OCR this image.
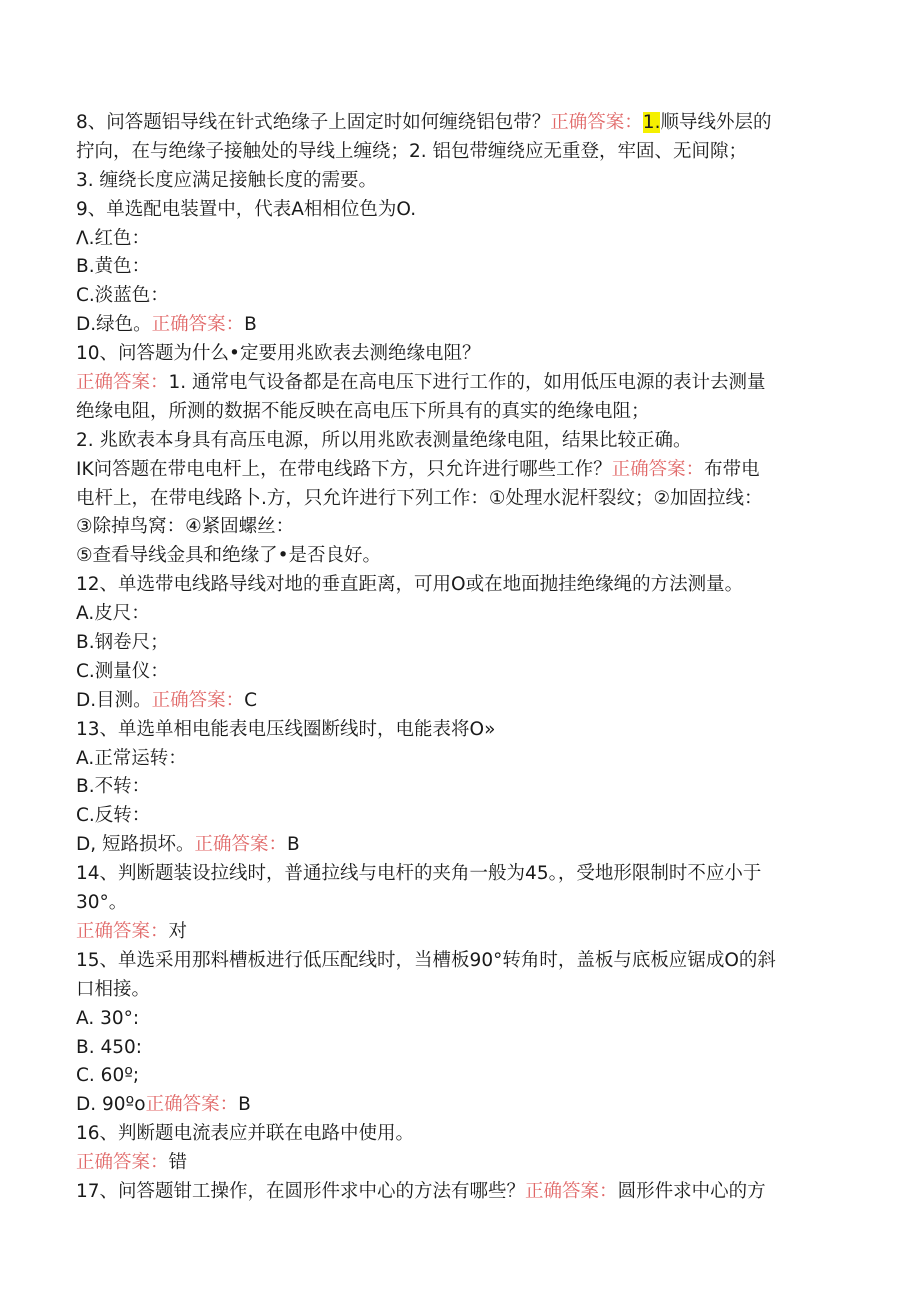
8、问答题铝导线在针式绝缘子上固定时如何缠绕铝包带？正确答案：1.顺导线外层的
拧向，在与绝缘子接触处的导线上缠绕；2. 铝包带缠绕应无重登，牢固、无间隙；
3. 缠绕长度应满足接触长度的需要。
9、单选配电装置中，代表A相相位色为O.
Λ.红色：
B.黄色：
C.淡蓝色：
D.绿色。正确答案：B
10、问答题为什么•定要用兆欧表去测绝缘电阻？
正确答案：1. 通常电气设备都是在高电压下进行工作的，如用低压电源的表计去测量
绝缘电阻，所测的数据不能反映在高电压下所具有的真实的绝缘电阻；
2. 兆欧表本身具有高压电源，所以用兆欧表测量绝缘电阻，结果比较正确。
IK问答题在带电电杆上，在带电线路下方，只允许进行哪些工作？正确答案：布带电
电杆上，在带电线路卜.方，只允许进行下列工作：①处理水泥杆裂纹；②加固拉线：
③除掉鸟窝：④紧固螺丝：
⑤查看导线金具和绝缘了•是否良好。
12、单选带电线路导线对地的垂直距离，可用O或在地面抛挂绝缘绳的方法测量。
A.皮尺：
B.钢卷尺；
C.测量仪：
D.目测。正确答案：C
13、单选单相电能表电压线圈断线时，电能表将O»
A.正常运转：
B.不转：
C.反转：
D, 短路损坏。正确答案：B
14、判断题装设拉线时，普通拉线与电杆的夹角一般为45。，受地形限制时不应小于
30°。
正确答案：对
15、单选采用那料槽板进行低压配线时，当槽板90°转角时，盖板与底板应锯成O的斜
口相接。
A. 30°:
B. 450:
C. 60º;
D. 90ºo正确答案：B
16、判断题电流表应并联在电路中使用。
正确答案：错
17、问答题钳工操作，在圆形件求中心的方法有哪些？正确答案：圆形件求中心的方
